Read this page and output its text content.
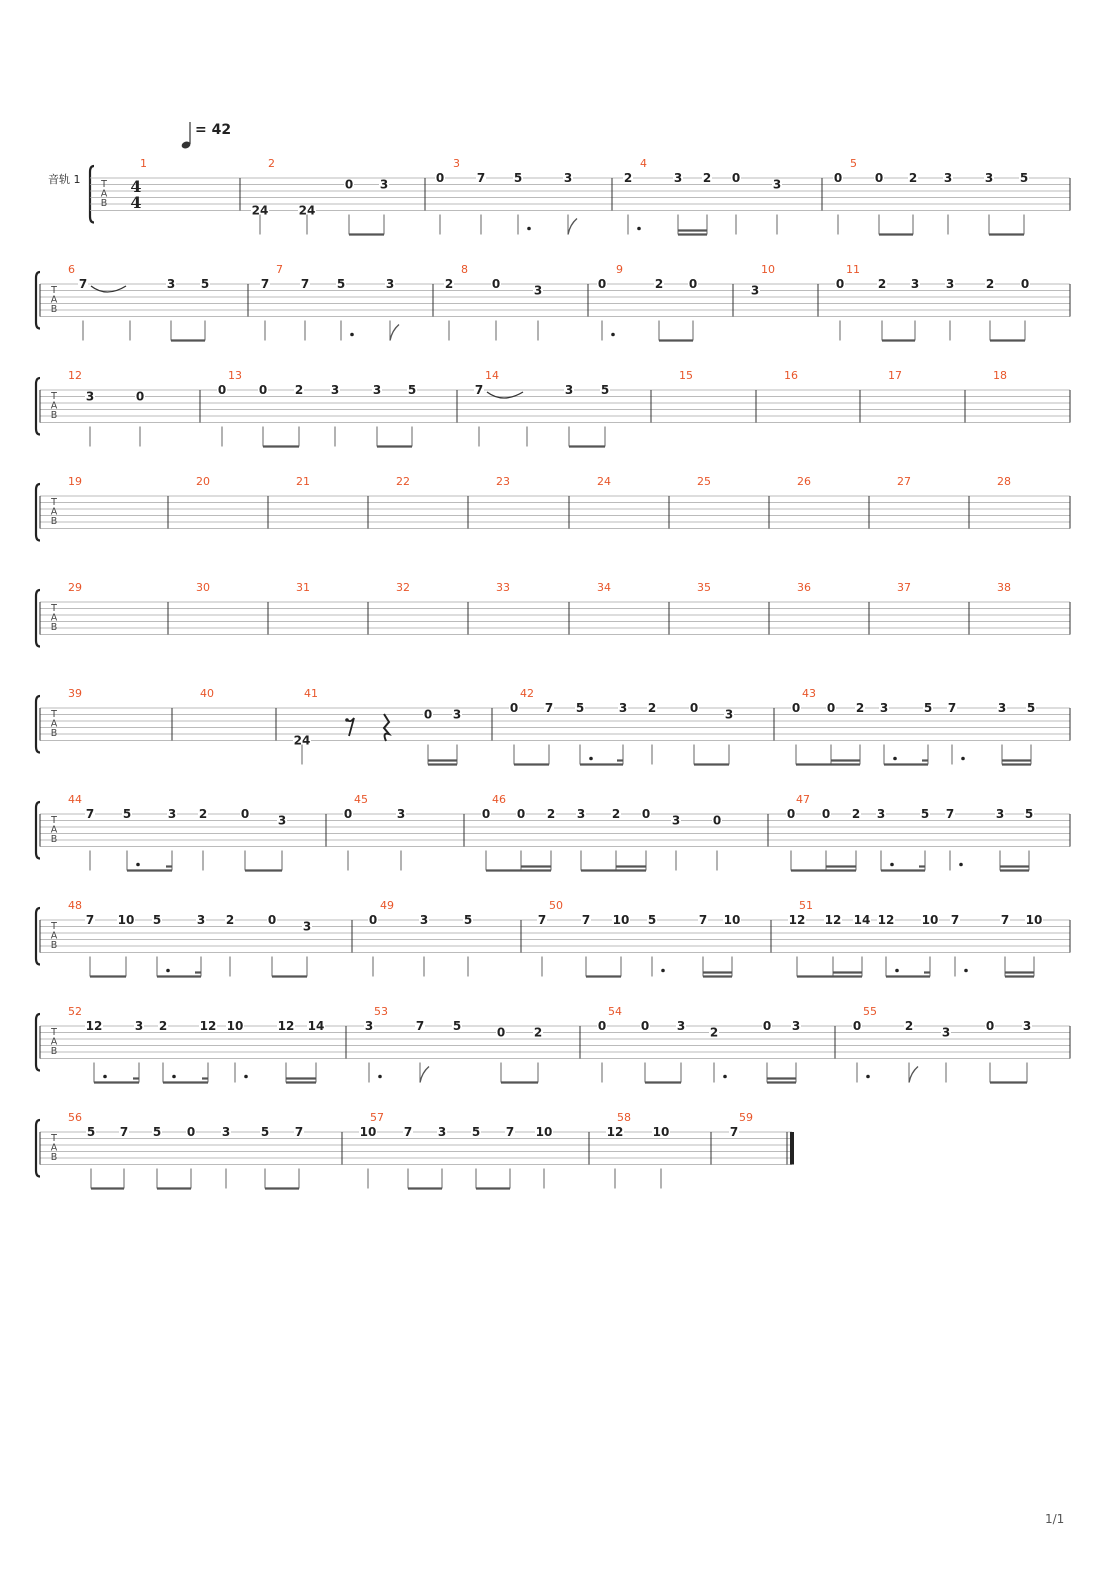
= 42
音轨 1 T
A
B
4
4
1	2
24	24
0 3
3
0	7 5	3
4
2	3 2 0	3
5
0	0 2 3	3 5
T
A
B
6
7	3 5
7
7	7 5	3
8
2	0	3
9
0	2 0
10
3
11
0	2 3 3	2 0
T
A
B
12
3	0
13
0	0 2 3	3 5
14
7	3 5
15	16	17	18
T
A
B
19	20	21	22	23	24	25	26	27	28
T
A
B
29	30	31	32	33	34	35	36	37	38
T
A
B
39	40	41
24
0 3
42
0 7 5	3 2	0 3
43
0 0 2 3	5 7	3 5
T
A
B
44
7 5	3 2	0 3
45
0	3
46
0 0 2 3 2 0 3	0
47
0 0 2 3	5 7	3 5
T
A
B
48
7 10 5	3 2	0 3
49
0	3	5
50
7	7 10 5	7 10
51
12 12 14 12 10 7	7 10
T
A
B
52
12	3 2	12 10	12 14
53
3	7 5	0 2
54
0	0 3 2	0 3
55
0	2 3	0 3
T
A
B
56
5 7 5 0 3	5 7
57
10 7 3 5 7 10
58
12 10
59
7
1/1
